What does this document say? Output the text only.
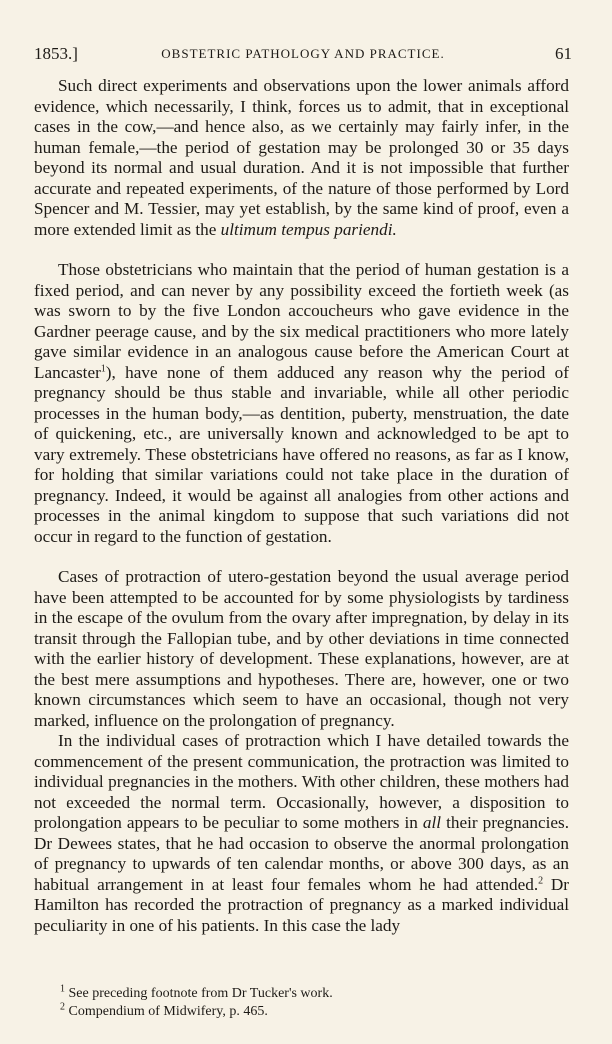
1853.]	OBSTETRIC PATHOLOGY AND PRACTICE.	61

Such direct experiments and observations upon the lower animals afford evidence, which necessarily, I think, forces us to admit, that in exceptional cases in the cow,—and hence also, as we certainly may fairly infer, in the human female,—the period of gestation may be prolonged 30 or 35 days beyond its normal and usual duration. And it is not impossible that further accurate and repeated experiments, of the nature of those performed by Lord Spencer and M. Tessier, may yet establish, by the same kind of proof, even a more extended limit as the ultimum tempus pariendi.

Those obstetricians who maintain that the period of human gestation is a fixed period, and can never by any possibility exceed the fortieth week (as was sworn to by the five London accoucheurs who gave evidence in the Gardner peerage cause, and by the six medical practitioners who more lately gave similar evidence in an analogous cause before the American Court at Lancaster$^1$), have none of them adduced any reason why the period of pregnancy should be thus stable and invariable, while all other periodic processes in the human body,—as dentition, puberty, menstruation, the date of quickening, etc., are universally known and acknowledged to be apt to vary extremely. These obstetricians have offered no reasons, as far as I know, for holding that similar variations could not take place in the duration of pregnancy. Indeed, it would be against all analogies from other actions and processes in the animal kingdom to suppose that such variations did not occur in regard to the function of gestation.

Cases of protraction of utero-gestation beyond the usual average period have been attempted to be accounted for by some physiologists by tardiness in the escape of the ovulum from the ovary after impregnation, by delay in its transit through the Fallopian tube, and by other deviations in time connected with the earlier history of development. These explanations, however, are at the best mere assumptions and hypotheses. There are, however, one or two known circumstances which seem to have an occasional, though not very marked, influence on the prolongation of pregnancy.

In the individual cases of protraction which I have detailed towards the commencement of the present communication, the protraction was limited to individual pregnancies in the mothers. With other children, these mothers had not exceeded the normal term. Occasionally, however, a disposition to prolongation appears to be peculiar to some mothers in all their pregnancies. Dr Dewees states, that he had occasion to observe the anormal prolongation of pregnancy to upwards of ten calendar months, or above 300 days, as an habitual arrangement in at least four females whom he had attended.$^2$ Dr Hamilton has recorded the protraction of pregnancy as a marked individual peculiarity in one of his patients. In this case the lady

$^1$ See preceding footnote from Dr Tucker's work.

$^2$ Compendium of Midwifery, p. 465.
